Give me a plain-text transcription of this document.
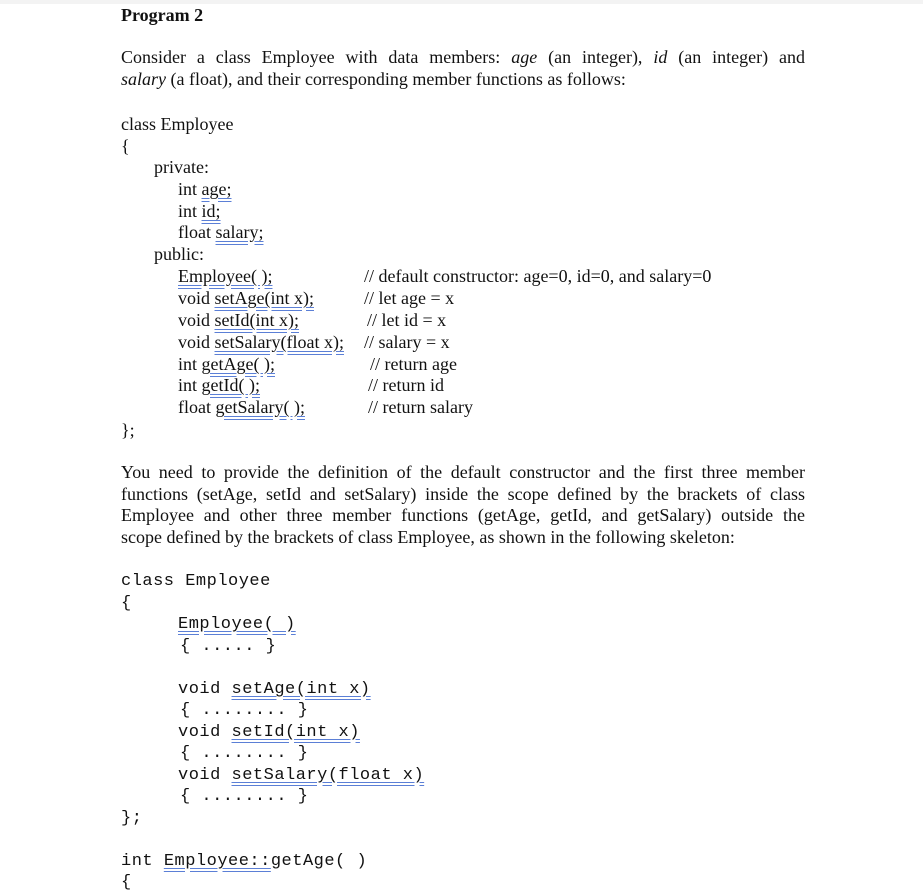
Program 2
Consider a class Employee with data members: age (an integer), id (an integer) and
salary (a float), and their corresponding member functions as follows:
class Employee
{
private:
int age;
int id;
float salary;
public:
Employee( );
void setAge(int x);
void setId(int x);
void setSalary(float x);
int getAge( );
int getId( );
float getSalary( );
// default constructor: age=0, id=0, and salary=0
// let age = x
// let id = x
// salary = x
// return age
// return id
// return salary
};
You need to provide the definition of the default constructor and the first three member
functions (setAge, setId and setSalary) inside the scope defined by the brackets of class
Employee and other three member functions (getAge, getId, and getSalary) outside the
scope defined by the brackets of class Employee, as shown in the following skeleton:
class Employee
{
Employee( )
{ ..... }
void setAge(int x)
{ ........ }
void setId(int x)
{ ........ }
void setSalary(float x)
{ ........ }
};
int Employee::getAge( )
{
